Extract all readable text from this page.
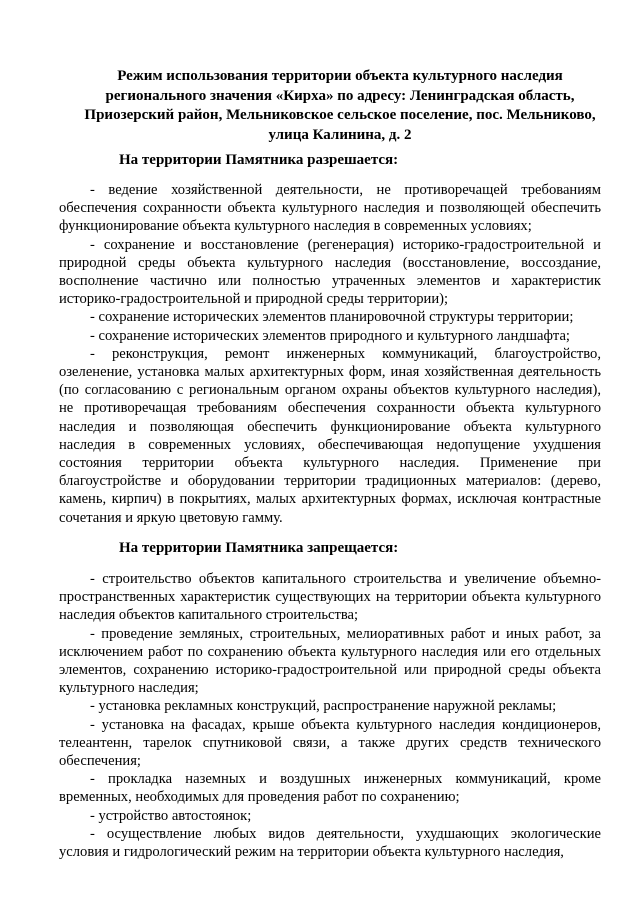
Режим использования территории объекта культурного наследия
регионального значения «Кирха» по адресу: Ленинградская область,
Приозерский район, Мельниковское сельское поселение, пос. Мельниково,
улица Калинина, д. 2
На территории Памятника разрешается:

- ведение хозяйственной деятельности, не противоречащей требованиям обеспечения сохранности объекта культурного наследия и позволяющей обеспечить функционирование объекта культурного наследия в современных условиях;

- сохранение и восстановление (регенерация) историко-градостроительной и природной среды объекта культурного наследия (восстановление, воссоздание, восполнение частично или полностью утраченных элементов и характеристик историко-градостроительной и природной среды территории);

- сохранение исторических элементов планировочной структуры территории;

- сохранение исторических элементов природного и культурного ландшафта;

- реконструкция, ремонт инженерных коммуникаций, благоустройство, озеленение, установка малых архитектурных форм, иная хозяйственная деятельность (по согласованию с региональным органом охраны объектов культурного наследия), не противоречащая требованиям обеспечения сохранности объекта культурного наследия и позволяющая обеспечить функционирование объекта культурного наследия в современных условиях, обеспечивающая недопущение ухудшения состояния территории объекта культурного наследия. Применение при благоустройстве и оборудовании территории традиционных материалов: (дерево, камень, кирпич) в покрытиях, малых архитектурных формах, исключая контрастные сочетания и яркую цветовую гамму.

На территории Памятника запрещается:

- строительство объектов капитального строительства и увеличение объемно-пространственных характеристик существующих на территории объекта культурного наследия объектов капитального строительства;

- проведение земляных, строительных, мелиоративных работ и иных работ, за исключением работ по сохранению объекта культурного наследия или его отдельных элементов, сохранению историко-градостроительной или природной среды объекта культурного наследия;

- установка рекламных конструкций, распространение наружной рекламы;

- установка на фасадах, крыше объекта культурного наследия кондиционеров, телеантенн, тарелок спутниковой связи, а также других средств технического обеспечения;

- прокладка наземных и воздушных инженерных коммуникаций, кроме временных, необходимых для проведения работ по сохранению;

- устройство автостоянок;

- осуществление любых видов деятельности, ухудшающих экологические условия и гидрологический режим на территории объекта культурного наследия,
